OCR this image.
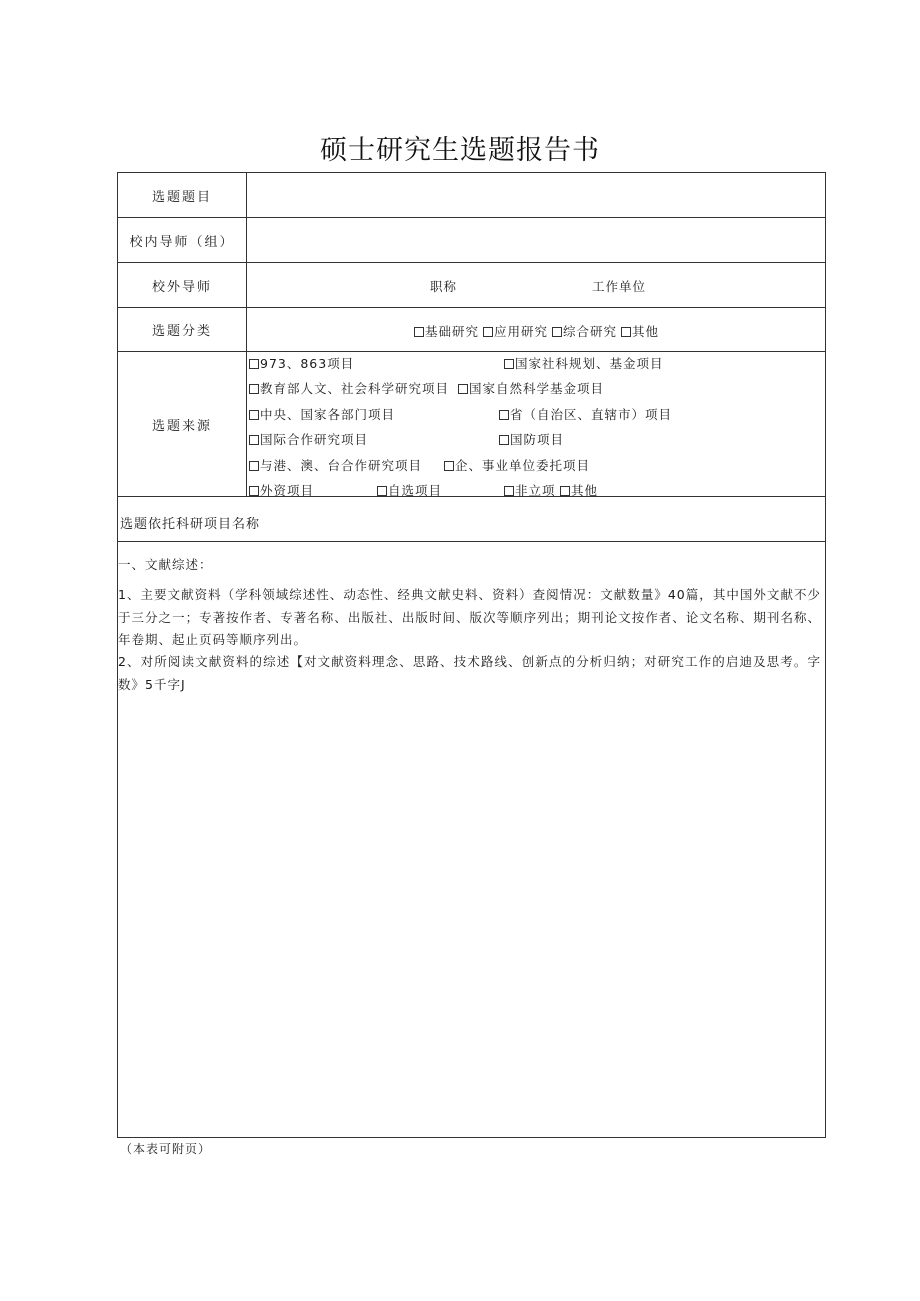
硕士研究生选题报告书
选题题目
校内导师（组）
校外导师	职称	工作单位
选题分类	基础研究	应用研究	综合研究	其他
选题来源
973、863项目	国家社科规划、基金项目
教育部人文、社会科学研究项目	国家自然科学基金项目
中央、国家各部门项目	省（自治区、直辖市）项目
国际合作研究项目	国防项目
与港、澳、台合作研究项目	企、事业单位委托项目
外资项目	自选项目	非立项	其他
选题依托科研项目名称
一、文献综述：
1、主要文献资料（学科领域综述性、动态性、经典文献史料、资料）查阅情况：文献数量》40篇，其中国外文献不少于三分之一；专著按作者、专著名称、出版社、出版时间、版次等顺序列出；期刊论文按作者、论文名称、期刊名称、年卷期、起止页码等顺序列出。
2、对所阅读文献资料的综述【对文献资料理念、思路、技术路线、创新点的分析归纳；对研究工作的启迪及思考。字数》5千字J
（本表可附页）
